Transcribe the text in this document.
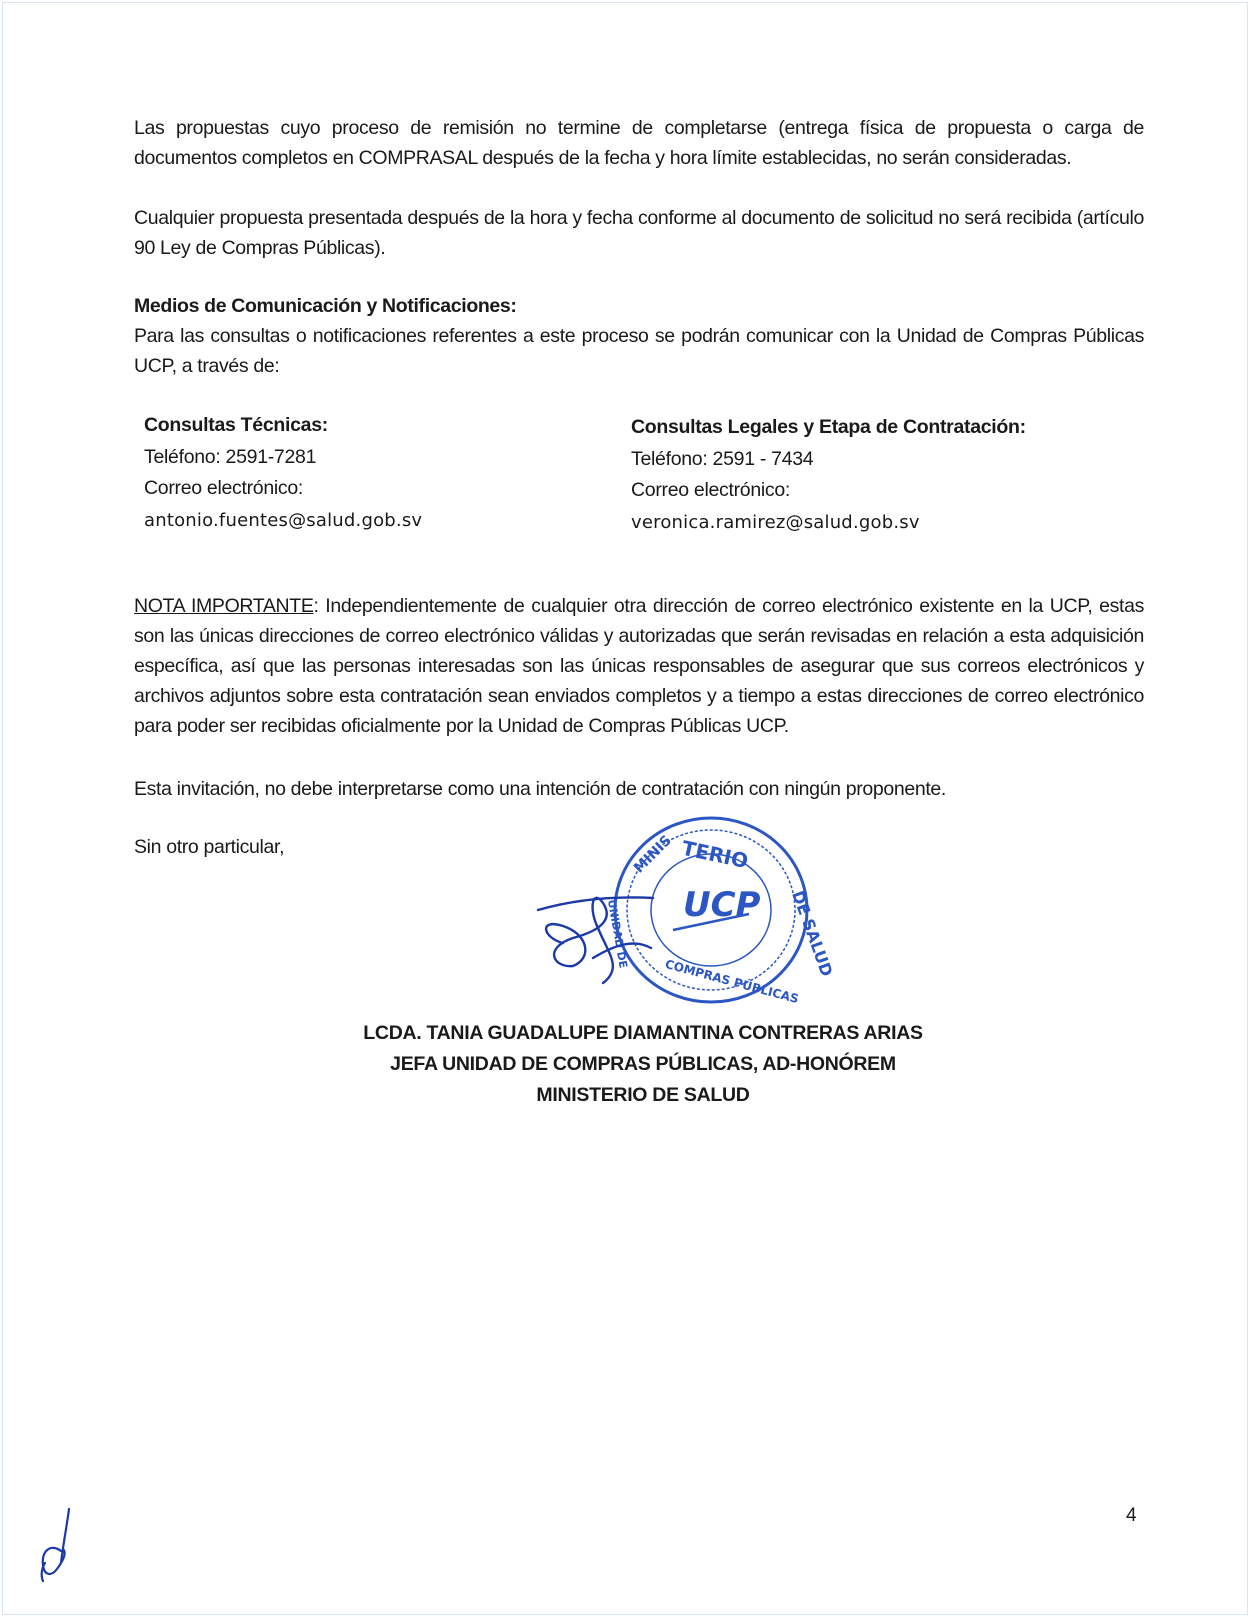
Las propuestas cuyo proceso de remisión no termine de completarse (entrega física de propuesta o carga de documentos completos en COMPRASAL después de la fecha y hora límite establecidas, no serán consideradas.

Cualquier propuesta presentada después de la hora y fecha conforme al documento de solicitud no será recibida (artículo 90 Ley de Compras Públicas).

Medios de Comunicación y Notificaciones:
Para las consultas o notificaciones referentes a este proceso se podrán comunicar con la Unidad de Compras Públicas UCP, a través de:
Consultas Técnicas:
Teléfono: 2591-7281
Correo electrónico:
antonio.fuentes@salud.gob.sv
Consultas Legales y Etapa de Contratación:
Teléfono: 2591 - 7434
Correo electrónico:
veronica.ramirez@salud.gob.sv

NOTA IMPORTANTE: Independientemente de cualquier otra dirección de correo electrónico existente en la UCP, estas son las únicas direcciones de correo electrónico válidas y autorizadas que serán revisadas en relación a esta adquisición específica, así que las personas interesadas son las únicas responsables de asegurar que sus correos electrónicos y archivos adjuntos sobre esta contratación sean enviados completos y a tiempo a estas direcciones de correo electrónico para poder ser recibidas oficialmente por la Unidad de Compras Públicas UCP.

Esta invitación, no debe interpretarse como una intención de contratación con ningún proponente.

Sin otro particular,	TERIO
MINIS
DE SALUD
UCP
COMPRAS PÚBLICAS
UNIDAD DE
LCDA. TANIA GUADALUPE DIAMANTINA CONTRERAS ARIAS
JEFA UNIDAD DE COMPRAS PÚBLICAS, AD-HONÓREM
MINISTERIO DE SALUD
4
